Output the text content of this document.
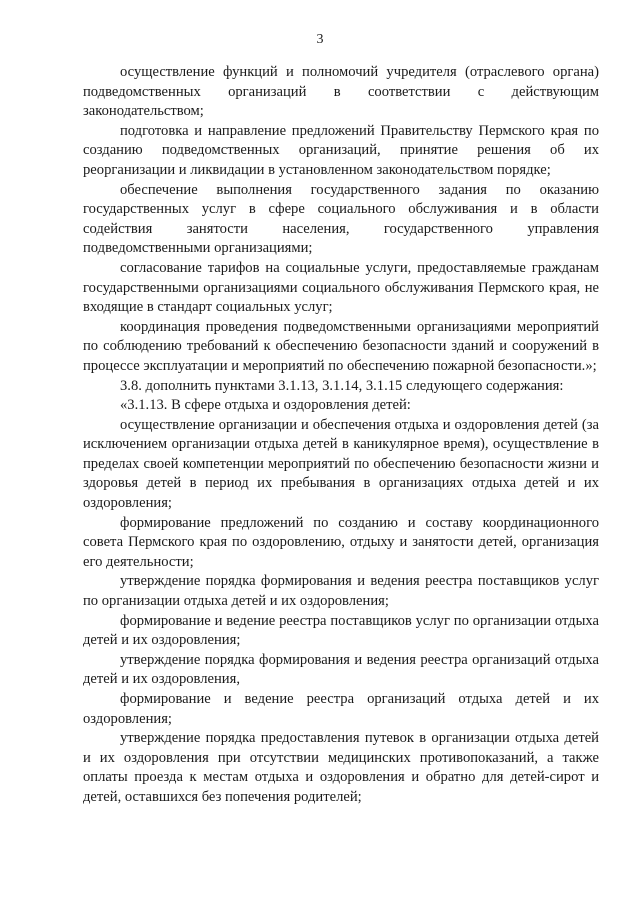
3

осуществление функций и полномочий учредителя (отраслевого органа) подведомственных организаций в соответствии с действующим законодательством;

подготовка и направление предложений Правительству Пермского края по созданию подведомственных организаций, принятие решения об их реорганизации и ликвидации в установленном законодательством порядке;

обеспечение выполнения государственного задания по оказанию государственных услуг в сфере социального обслуживания и в области содействия занятости населения, государственного управления подведомственными организациями;

согласование тарифов на социальные услуги, предоставляемые гражданам государственными организациями социального обслуживания Пермского края, не входящие в стандарт социальных услуг;

координация проведения подведомственными организациями мероприятий по соблюдению требований к обеспечению безопасности зданий и сооружений в процессе эксплуатации и мероприятий по обеспечению пожарной безопасности.»;

3.8. дополнить пунктами 3.1.13, 3.1.14, 3.1.15 следующего содержания:

«3.1.13. В сфере отдыха и оздоровления детей:

осуществление организации и обеспечения отдыха и оздоровления детей (за исключением организации отдыха детей в каникулярное время), осуществление в пределах своей компетенции мероприятий по обеспечению безопасности жизни и здоровья детей в период их пребывания в организациях отдыха детей и их оздоровления;

формирование предложений по созданию и составу координационного совета Пермского края по оздоровлению, отдыху и занятости детей, организация его деятельности;

утверждение порядка формирования и ведения реестра поставщиков услуг по организации отдыха детей и их оздоровления;

формирование и ведение реестра поставщиков услуг по организации отдыха детей и их оздоровления;

утверждение порядка формирования и ведения реестра организаций отдыха детей и их оздоровления,

формирование и ведение реестра организаций отдыха детей и их оздоровления;

утверждение порядка предоставления путевок в организации отдыха детей и их оздоровления при отсутствии медицинских противопоказаний, а также оплаты проезда к местам отдыха и оздоровления и обратно для детей-сирот и детей, оставшихся без попечения родителей;
